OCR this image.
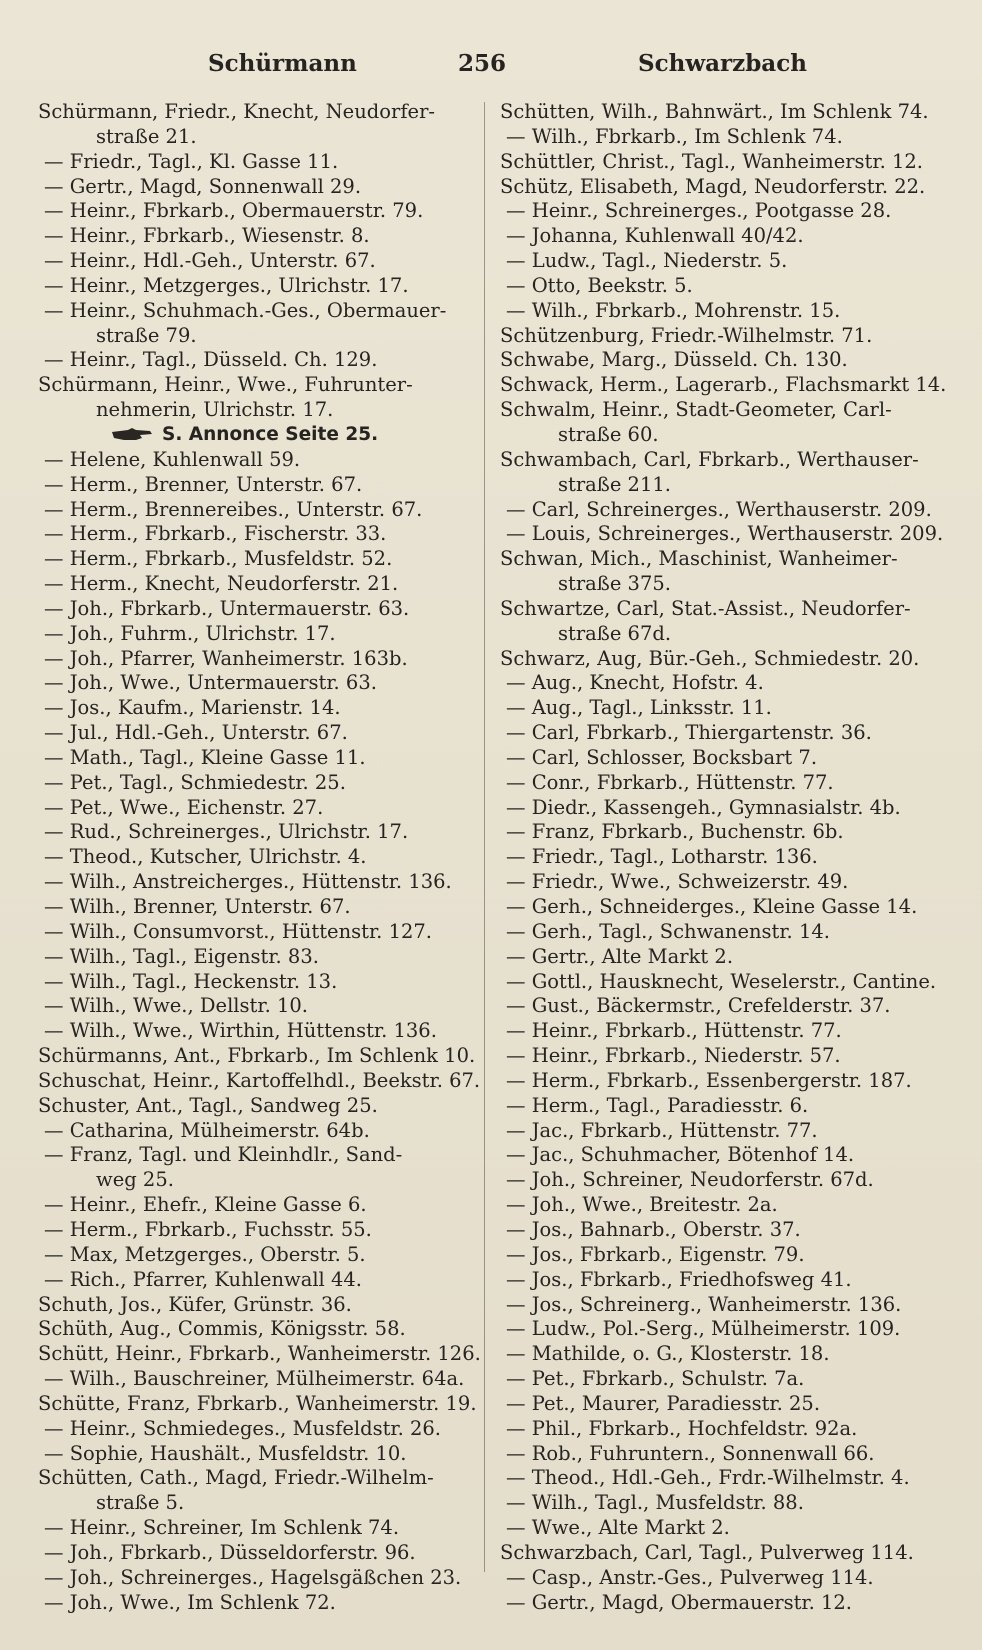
Schürmann	256	Schwarzbach
Schürmann, Friedr., Knecht, Neudorfer-
straße 21.
— Friedr., Tagl., Kl. Gasse 11.
— Gertr., Magd, Sonnenwall 29.
— Heinr., Fbrkarb., Obermauerstr. 79.
— Heinr., Fbrkarb., Wiesenstr. 8.
— Heinr., Hdl.-Geh., Unterstr. 67.
— Heinr., Metzgerges., Ulrichstr. 17.
— Heinr., Schuhmach.-Ges., Obermauer-
straße 79.
— Heinr., Tagl., Düsseld. Ch. 129.
Schürmann, Heinr., Wwe., Fuhrunter-
nehmerin, Ulrichstr. 17.
S. Annonce Seite 25.
— Helene, Kuhlenwall 59.
— Herm., Brenner, Unterstr. 67.
— Herm., Brennereibes., Unterstr. 67.
— Herm., Fbrkarb., Fischerstr. 33.
— Herm., Fbrkarb., Musfeldstr. 52.
— Herm., Knecht, Neudorferstr. 21.
— Joh., Fbrkarb., Untermauerstr. 63.
— Joh., Fuhrm., Ulrichstr. 17.
— Joh., Pfarrer, Wanheimerstr. 163b.
— Joh., Wwe., Untermauerstr. 63.
— Jos., Kaufm., Marienstr. 14.
— Jul., Hdl.-Geh., Unterstr. 67.
— Math., Tagl., Kleine Gasse 11.
— Pet., Tagl., Schmiedestr. 25.
— Pet., Wwe., Eichenstr. 27.
— Rud., Schreinerges., Ulrichstr. 17.
— Theod., Kutscher, Ulrichstr. 4.
— Wilh., Anstreicherges., Hüttenstr. 136.
— Wilh., Brenner, Unterstr. 67.
— Wilh., Consumvorst., Hüttenstr. 127.
— Wilh., Tagl., Eigenstr. 83.
— Wilh., Tagl., Heckenstr. 13.
— Wilh., Wwe., Dellstr. 10.
— Wilh., Wwe., Wirthin, Hüttenstr. 136.
Schürmanns, Ant., Fbrkarb., Im Schlenk 10.
Schuschat, Heinr., Kartoffelhdl., Beekstr. 67.
Schuster, Ant., Tagl., Sandweg 25.
— Catharina, Mülheimerstr. 64b.
— Franz, Tagl. und Kleinhdlr., Sand-
weg 25.
— Heinr., Ehefr., Kleine Gasse 6.
— Herm., Fbrkarb., Fuchsstr. 55.
— Max, Metzgerges., Oberstr. 5.
— Rich., Pfarrer, Kuhlenwall 44.
Schuth, Jos., Küfer, Grünstr. 36.
Schüth, Aug., Commis, Königsstr. 58.
Schütt, Heinr., Fbrkarb., Wanheimerstr. 126.
— Wilh., Bauschreiner, Mülheimerstr. 64a.
Schütte, Franz, Fbrkarb., Wanheimerstr. 19.
— Heinr., Schmiedeges., Musfeldstr. 26.
— Sophie, Haushält., Musfeldstr. 10.
Schütten, Cath., Magd, Friedr.-Wilhelm-
straße 5.
— Heinr., Schreiner, Im Schlenk 74.
— Joh., Fbrkarb., Düsseldorferstr. 96.
— Joh., Schreinerges., Hagelsgäßchen 23.
— Joh., Wwe., Im Schlenk 72.
Schütten, Wilh., Bahnwärt., Im Schlenk 74.
— Wilh., Fbrkarb., Im Schlenk 74.
Schüttler, Christ., Tagl., Wanheimerstr. 12.
Schütz, Elisabeth, Magd, Neudorferstr. 22.
— Heinr., Schreinerges., Pootgasse 28.
— Johanna, Kuhlenwall 40/42.
— Ludw., Tagl., Niederstr. 5.
— Otto, Beekstr. 5.
— Wilh., Fbrkarb., Mohrenstr. 15.
Schützenburg, Friedr.-Wilhelmstr. 71.
Schwabe, Marg., Düsseld. Ch. 130.
Schwack, Herm., Lagerarb., Flachsmarkt 14.
Schwalm, Heinr., Stadt-Geometer, Carl-
straße 60.
Schwambach, Carl, Fbrkarb., Werthauser-
straße 211.
— Carl, Schreinerges., Werthauserstr. 209.
— Louis, Schreinerges., Werthauserstr. 209.
Schwan, Mich., Maschinist, Wanheimer-
straße 375.
Schwartze, Carl, Stat.-Assist., Neudorfer-
straße 67d.
Schwarz, Aug, Bür.-Geh., Schmiedestr. 20.
— Aug., Knecht, Hofstr. 4.
— Aug., Tagl., Linksstr. 11.
— Carl, Fbrkarb., Thiergartenstr. 36.
— Carl, Schlosser, Bocksbart 7.
— Conr., Fbrkarb., Hüttenstr. 77.
— Diedr., Kassengeh., Gymnasialstr. 4b.
— Franz, Fbrkarb., Buchenstr. 6b.
— Friedr., Tagl., Lotharstr. 136.
— Friedr., Wwe., Schweizerstr. 49.
— Gerh., Schneiderges., Kleine Gasse 14.
— Gerh., Tagl., Schwanenstr. 14.
— Gertr., Alte Markt 2.
— Gottl., Hausknecht, Weselerstr., Cantine.
— Gust., Bäckermstr., Crefelderstr. 37.
— Heinr., Fbrkarb., Hüttenstr. 77.
— Heinr., Fbrkarb., Niederstr. 57.
— Herm., Fbrkarb., Essenbergerstr. 187.
— Herm., Tagl., Paradiesstr. 6.
— Jac., Fbrkarb., Hüttenstr. 77.
— Jac., Schuhmacher, Bötenhof 14.
— Joh., Schreiner, Neudorferstr. 67d.
— Joh., Wwe., Breitestr. 2a.
— Jos., Bahnarb., Oberstr. 37.
— Jos., Fbrkarb., Eigenstr. 79.
— Jos., Fbrkarb., Friedhofsweg 41.
— Jos., Schreinerg., Wanheimerstr. 136.
— Ludw., Pol.-Serg., Mülheimerstr. 109.
— Mathilde, o. G., Klosterstr. 18.
— Pet., Fbrkarb., Schulstr. 7a.
— Pet., Maurer, Paradiesstr. 25.
— Phil., Fbrkarb., Hochfeldstr. 92a.
— Rob., Fuhruntern., Sonnenwall 66.
— Theod., Hdl.-Geh., Frdr.-Wilhelmstr. 4.
— Wilh., Tagl., Musfeldstr. 88.
— Wwe., Alte Markt 2.
Schwarzbach, Carl, Tagl., Pulverweg 114.
— Casp., Anstr.-Ges., Pulverweg 114.
— Gertr., Magd, Obermauerstr. 12.
